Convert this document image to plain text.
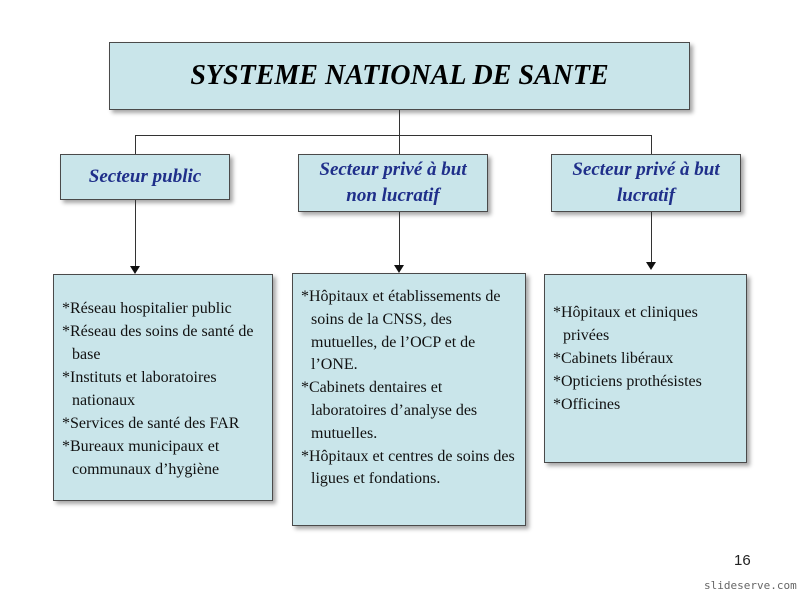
SYSTEME NATIONAL DE SANTE
Secteur public	Secteur privé à but non lucratif
Secteur privé à but lucratif
*Réseau hospitalier public
*Réseau des soins de santé de base
*Instituts et laboratoires nationaux
*Services de santé des FAR
*Bureaux municipaux et communaux d’hygiène
*Hôpitaux et établissements de soins de la CNSS, des mutuelles, de l’OCP et de l’ONE.
*Cabinets dentaires et laboratoires d’analyse des mutuelles.
*Hôpitaux et centres de soins des ligues et fondations.
*Hôpitaux et cliniques privées
*Cabinets libéraux
*Opticiens prothésistes
*Officines
16
slideserve.com
